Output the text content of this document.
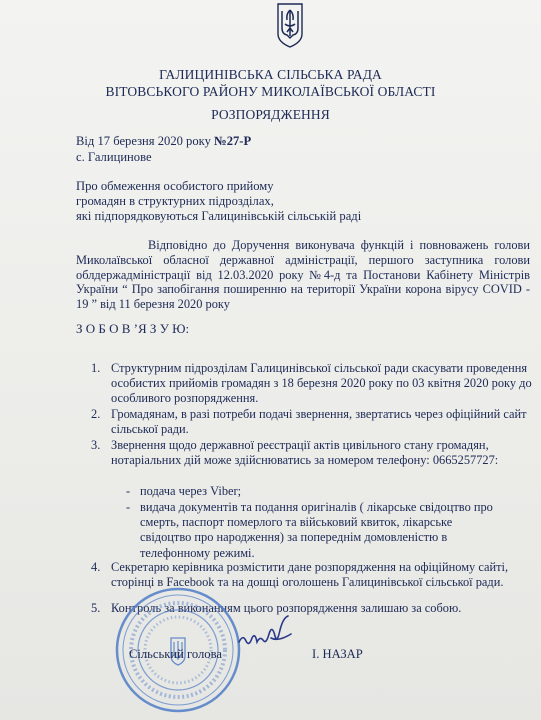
ГАЛИЦИНІВСЬКА СІЛЬСЬКА РАДА
ВІТОВСЬКОГО РАЙОНУ МИКОЛАЇВСЬКОЇ ОБЛАСТІ
РОЗПОРЯДЖЕННЯ
Від 17 березня 2020 року №27-Р
с. Галицинове
Про обмеження особистого прийому
громадян в структурних підрозділах,
які підпорядковуються Галицинівській сільській раді
Відповідно до Доручення виконувача функцій і повноважень голови Миколаївської обласної державної адміністрації, першого заступника голови облдержадміністрації від 12.03.2020 року №4-д та Постанови Кабінету Міністрів України “ Про запобігання поширенню на території України корона вірусу COVID - 19 ” від 11 березня 2020 року
З О Б О В ’Я З У Ю:
1. Структурним підрозділам Галицинівської сільської ради скасувати проведення особистих прийомів громадян з 18 березня 2020 року по 03 квітня 2020 року до особливого розпорядження.
2. Громадянам, в разі потреби подачі звернення, звертатись через офіційний сайт сільської ради.
3. Звернення щодо державної реєстрації актів цивільного стану громадян, нотаріальних дій може здійснюватись за номером телефону: 0665257727:
- подача через Viber;
- видача документів та подання оригіналів ( лікарське свідоцтво про смерть, паспорт померлого та військовий квиток, лікарське свідоцтво про народження) за попереднім домовленістю в телефонному режимі.
4. Секретарю керівника розмістити дане розпорядження на офіційному сайті, сторінці в Facebook та на дошці оголошень Галицинівської сільської ради.
5. Контроль за виконанням цього розпорядження залишаю за собою.
Сільський голова	І. НАЗАР
